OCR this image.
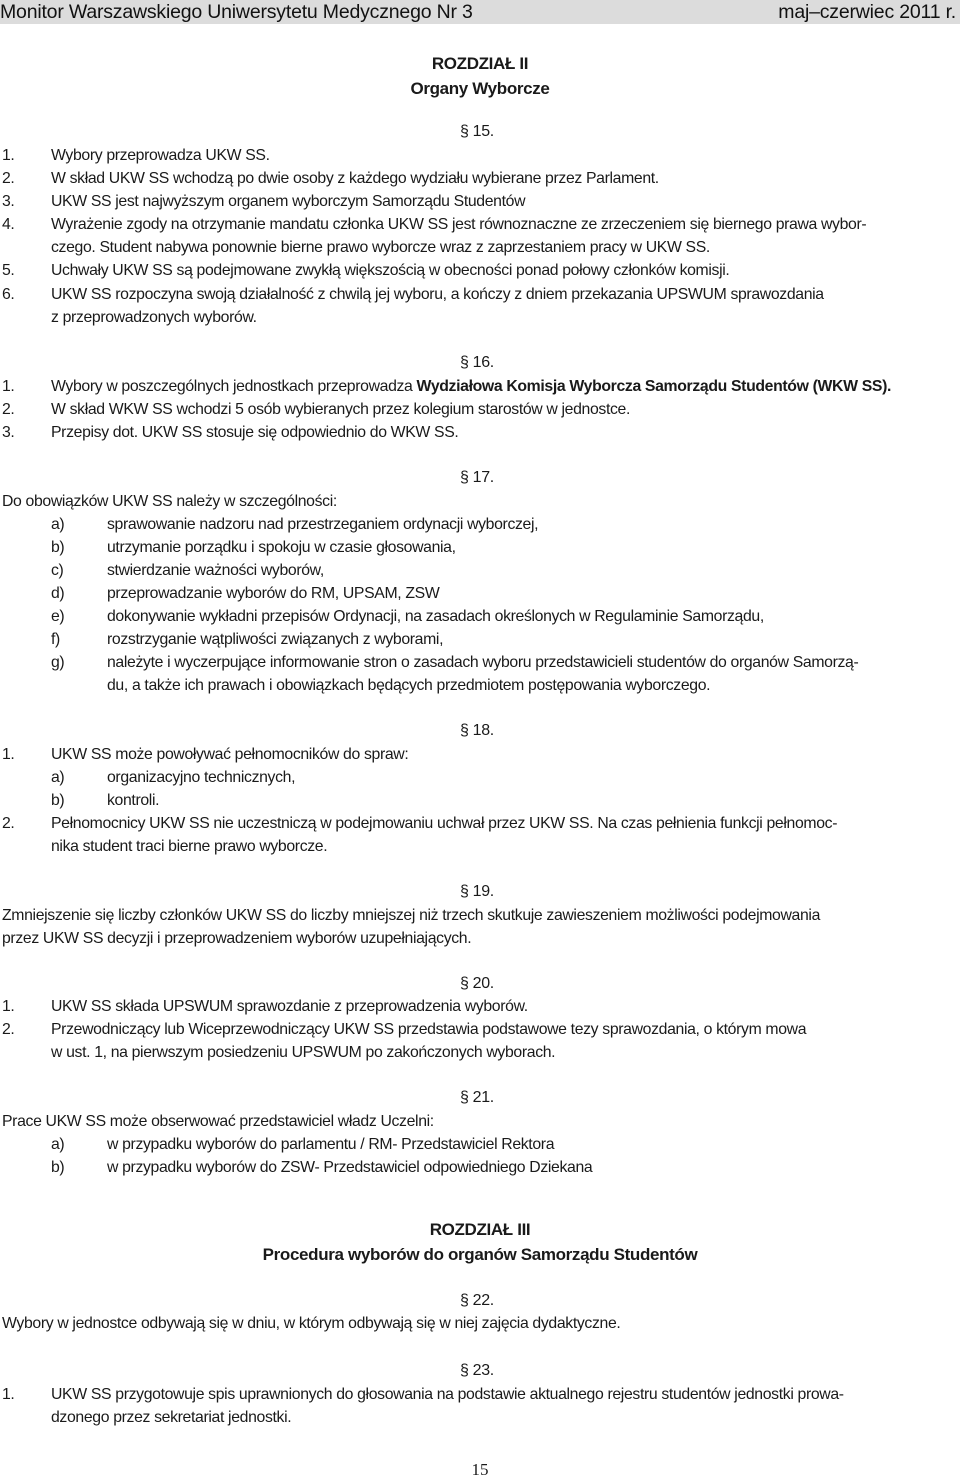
Monitor Warszawskiego Uniwersytetu Medycznego Nr 3	maj–czerwiec 2011 r.
ROZDZIAŁ II
Organy Wyborcze
§ 15.
1. Wybory przeprowadza UKW SS.
2. W skład UKW SS wchodzą po dwie osoby z każdego wydziału wybierane przez Parlament.
3. UKW SS jest najwyższym organem wyborczym Samorządu Studentów
4. Wyrażenie zgody na otrzymanie mandatu członka UKW SS jest równoznaczne ze zrzeczeniem się biernego prawa wybor-
czego. Student nabywa ponownie bierne prawo wyborcze wraz z zaprzestaniem pracy w UKW SS.
5. Uchwały UKW SS są podejmowane zwykłą większością w obecności ponad połowy członków komisji.
6. UKW SS rozpoczyna swoją działalność z chwilą jej wyboru, a kończy z dniem przekazania UPSWUM sprawozdania
z przeprowadzonych wyborów.
§ 16.
1. Wybory w poszczególnych jednostkach przeprowadza Wydziałowa Komisja Wyborcza Samorządu Studentów (WKW SS).
2. W skład WKW SS wchodzi 5 osób wybieranych przez kolegium starostów w jednostce.
3. Przepisy dot. UKW SS stosuje się odpowiednio do WKW SS.
§ 17.
Do obowiązków UKW SS należy w szczególności:
a)	sprawowanie nadzoru nad przestrzeganiem ordynacji wyborczej,
b)	utrzymanie porządku i spokoju w czasie głosowania,
c)	stwierdzanie ważności wyborów,
d)	przeprowadzanie wyborów do RM, UPSAM, ZSW
e)	dokonywanie wykładni przepisów Ordynacji, na zasadach określonych w Regulaminie Samorządu,
f)	rozstrzyganie wątpliwości związanych z wyborami,
g)	należyte i wyczerpujące informowanie stron o zasadach wyboru przedstawicieli studentów do organów Samorzą-
du, a także ich prawach i obowiązkach będących przedmiotem postępowania wyborczego.
§ 18.
1. UKW SS może powoływać pełnomocników do spraw:
a)	organizacyjno technicznych,
b)	kontroli.
2. Pełnomocnicy UKW SS nie uczestniczą w podejmowaniu uchwał przez UKW SS. Na czas pełnienia funkcji pełnomoc-
nika student traci bierne prawo wyborcze.
§ 19.
Zmniejszenie się liczby członków UKW SS do liczby mniejszej niż trzech skutkuje zawieszeniem możliwości podejmowania
przez UKW SS decyzji i przeprowadzeniem wyborów uzupełniających.
§ 20.
1. UKW SS składa UPSWUM sprawozdanie z przeprowadzenia wyborów.
2. Przewodniczący lub Wiceprzewodniczący UKW SS przedstawia podstawowe tezy sprawozdania, o którym mowa
w ust. 1, na pierwszym posiedzeniu UPSWUM po zakończonych wyborach.
§ 21.
Prace UKW SS może obserwować przedstawiciel władz Uczelni:
a)	w przypadku wyborów do parlamentu / RM- Przedstawiciel Rektora
b)	w przypadku wyborów do ZSW- Przedstawiciel odpowiedniego Dziekana
ROZDZIAŁ III
Procedura wyborów do organów Samorządu Studentów
§ 22.
Wybory w jednostce odbywają się w dniu, w którym odbywają się w niej zajęcia dydaktyczne.
§ 23.
1. UKW SS przygotowuje spis uprawnionych do głosowania na podstawie aktualnego rejestru studentów jednostki prowa-
dzonego przez sekretariat jednostki.
15
